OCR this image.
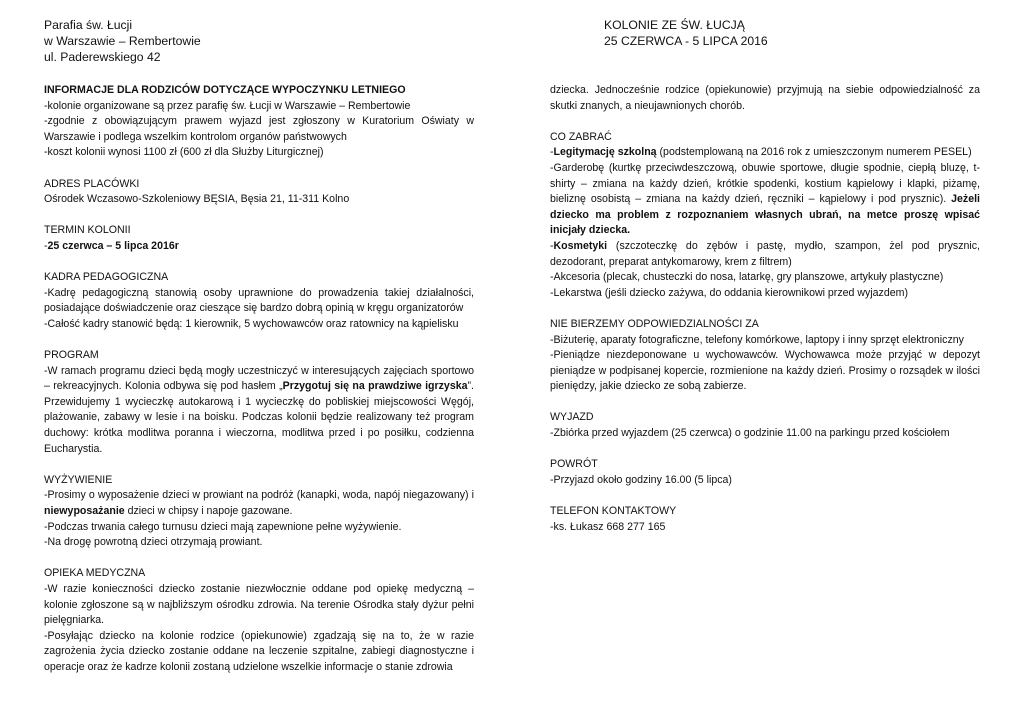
Parafia św. Łucji
w Warszawie – Rembertowie
ul. Paderewskiego 42
KOLONIE ZE ŚW. ŁUCJĄ
25 CZERWCA - 5 LIPCA 2016
INFORMACJE DLA RODZICÓW DOTYCZĄCE WYPOCZYNKU LETNIEGO
-kolonie organizowane są przez parafię św. Łucji w Warszawie – Rembertowie
-zgodnie z obowiązującym prawem wyjazd jest zgłoszony w Kuratorium Oświaty w Warszawie i podlega wszelkim kontrolom organów państwowych
-koszt kolonii wynosi 1100 zł (600 zł dla Służby Liturgicznej)
ADRES PLACÓWKI
Ośrodek Wczasowo-Szkoleniowy BĘSIA, Bęsia 21, 11-311 Kolno
TERMIN KOLONII
-25 czerwca – 5 lipca 2016r
KADRA PEDAGOGICZNA
-Kadrę pedagogiczną stanowią osoby uprawnione do prowadzenia takiej działalności, posiadające doświadczenie oraz cieszące się bardzo dobrą opinią w kręgu organizatorów
-Całość kadry stanowić będą: 1 kierownik, 5 wychowawców oraz ratownicy na kąpielisku
PROGRAM
-W ramach programu dzieci będą mogły uczestniczyć w interesujących zajęciach sportowo – rekreacyjnych. Kolonia odbywa się pod hasłem „Przygotuj się na prawdziwe igrzyska”. Przewidujemy 1 wycieczkę autokarową i 1 wycieczkę do pobliskiej miejscowości Węgój, plażowanie, zabawy w lesie i na boisku. Podczas kolonii będzie realizowany też program duchowy: krótka modlitwa poranna i wieczorna, modlitwa przed i po posiłku, codzienna Eucharystia.
WYŻYWIENIE
-Prosimy o wyposażenie dzieci w prowiant na podróż (kanapki, woda, napój niegazowany) i niewyposażanie dzieci w chipsy i napoje gazowane.
-Podczas trwania całego turnusu dzieci mają zapewnione pełne wyżywienie.
-Na drogę powrotną dzieci otrzymają prowiant.
OPIEKA MEDYCZNA
-W razie konieczności dziecko zostanie niezwłocznie oddane pod opiekę medyczną – kolonie zgłoszone są w najbliższym ośrodku zdrowia. Na terenie Ośrodka stały dyżur pełni pielęgniarka.
-Posyłając dziecko na kolonie rodzice (opiekunowie) zgadzają się na to, że w razie zagrożenia życia dziecko zostanie oddane na leczenie szpitalne, zabiegi diagnostyczne i operacje oraz że kadrze kolonii zostaną udzielone wszelkie informacje o stanie zdrowia
dziecka. Jednocześnie rodzice (opiekunowie) przyjmują na siebie odpowiedzialność za skutki znanych, a nieujawnionych chorób.
CO ZABRAĆ
-Legitymację szkolną (podstemplowaną na 2016 rok z umieszczonym numerem PESEL)
-Garderobę (kurtkę przeciwdeszczową, obuwie sportowe, długie spodnie, ciepłą bluzę, t-shirty – zmiana na każdy dzień, krótkie spodenki, kostium kąpielowy i klapki, piżamę, bieliznę osobistą – zmiana na każdy dzień, ręczniki – kąpielowy i pod prysznic). Jeżeli dziecko ma problem z rozpoznaniem własnych ubrań, na metce proszę wpisać inicjały dziecka.
-Kosmetyki (szczoteczkę do zębów i pastę, mydło, szampon, żel pod prysznic, dezodorant, preparat antykomarowy, krem z filtrem)
-Akcesoria (plecak, chusteczki do nosa, latarkę, gry planszowe, artykuły plastyczne)
-Lekarstwa (jeśli dziecko zażywa, do oddania kierownikowi przed wyjazdem)
NIE BIERZEMY ODPOWIEDZIALNOŚCI ZA
-Biżuterię, aparaty fotograficzne, telefony komórkowe, laptopy i inny sprzęt elektroniczny
-Pieniądze niezdeponowane u wychowawców. Wychowawca może przyjąć w depozyt pieniądze w podpisanej kopercie, rozmienione na każdy dzień. Prosimy o rozsądek w ilości pieniędzy, jakie dziecko ze sobą zabierze.
WYJAZD
-Zbiórka przed wyjazdem (25 czerwca) o godzinie 11.00 na parkingu przed kościołem
POWRÓT
-Przyjazd około godziny 16.00 (5 lipca)
TELEFON KONTAKTOWY
-ks. Łukasz 668 277 165
